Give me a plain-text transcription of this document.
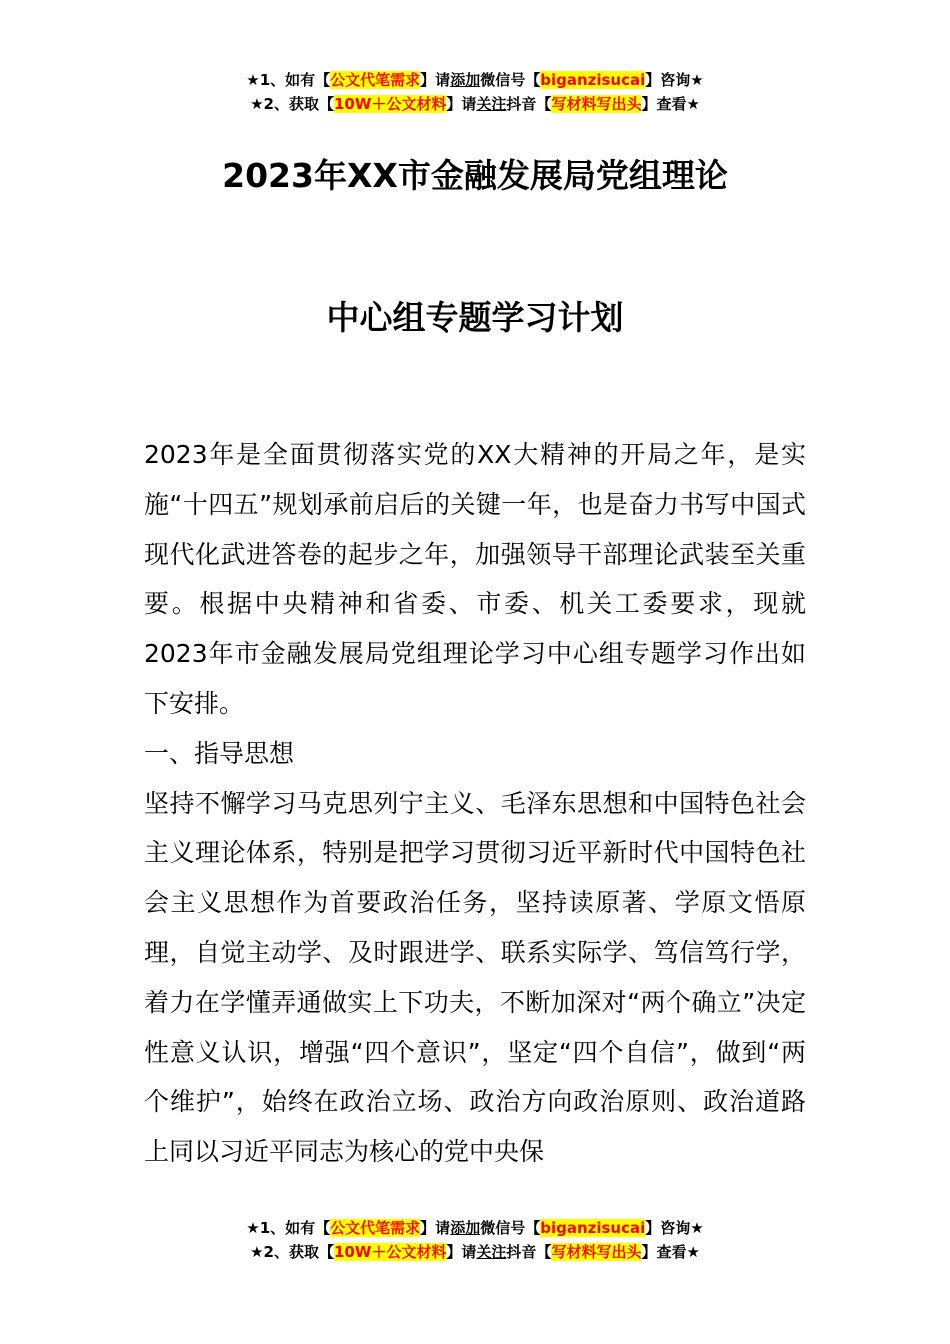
★1、如有【公文代笔需求】请添加微信号【biganzisucai】咨询★
★2、获取【10W＋公文材料】请关注抖音【写材料写出头】查看★
2023年XX市金融发展局党组理论
中心组专题学习计划

2023年是全面贯彻落实党的XX大精神的开局之年，是实施“十四五”规划承前启后的关键一年，也是奋力书写中国式现代化武进答卷的起步之年，加强领导干部理论武装至关重要。根据中央精神和省委、市委、机关工委要求，现就2023年市金融发展局党组理论学习中心组专题学习作出如下安排。

一、指导思想

坚持不懈学习马克思列宁主义、毛泽东思想和中国特色社会主义理论体系，特别是把学习贯彻习近平新时代中国特色社会主义思想作为首要政治任务，坚持读原著、学原文悟原理，自觉主动学、及时跟进学、联系实际学、笃信笃行学，着力在学懂弄通做实上下功夫，不断加深对“两个确立”决定性意义认识，增强“四个意识”，坚定“四个自信”，做到“两个维护”，始终在政治立场、政治方向政治原则、政治道路上同以习近平同志为核心的党中央保

★1、如有【公文代笔需求】请添加微信号【biganzisucai】咨询★
★2、获取【10W＋公文材料】请关注抖音【写材料写出头】查看★
